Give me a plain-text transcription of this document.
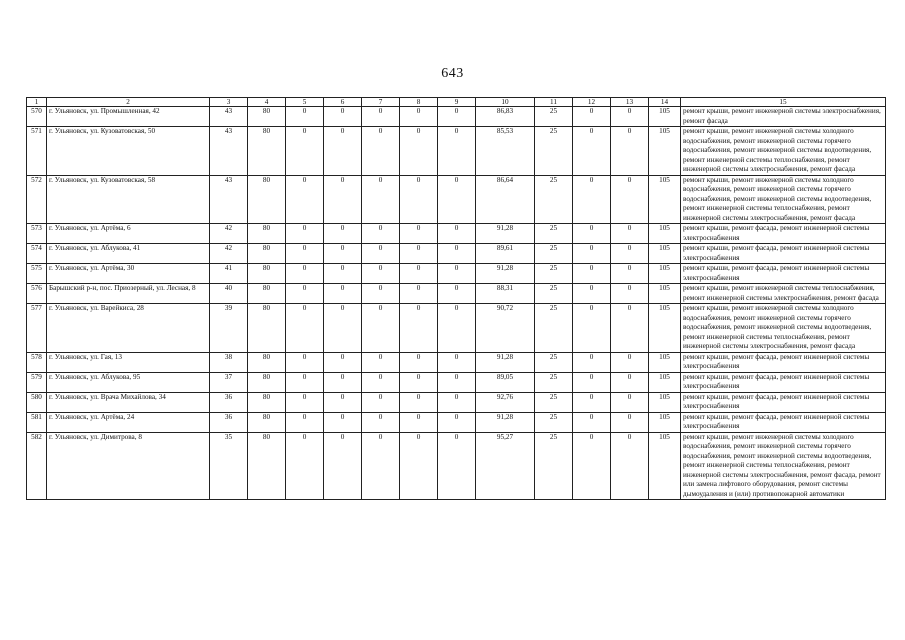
643
1	2	3	4	5	6	7	8	9	10	11	12	13	14	15
570	г. Ульяновск, ул. Промышленная, 42	43	80	0	0	0	0	0	86,83	25	0	0	105	ремонт крыши, ремонт инженерной системы электроснабжения, ремонт фасада
571	г. Ульяновск, ул. Кузоватовская, 50	43	80	0	0	0	0	0	85,53	25	0	0	105	ремонт крыши, ремонт инженерной системы холодного водоснабжения, ремонт инженерной системы горячего водоснабжения, ремонт инженерной системы водоотведения, ремонт инженерной системы теплоснабжения, ремонт инженерной системы электроснабжения, ремонт фасада
572	г. Ульяновск, ул. Кузоватовская, 58	43	80	0	0	0	0	0	86,64	25	0	0	105	ремонт крыши, ремонт инженерной системы холодного водоснабжения, ремонт инженерной системы горячего водоснабжения, ремонт инженерной системы водоотведения, ремонт инженерной системы теплоснабжения, ремонт инженерной системы электроснабжения, ремонт фасада
573	г. Ульяновск, ул. Артёма, 6	42	80	0	0	0	0	0	91,28	25	0	0	105	ремонт крыши, ремонт фасада, ремонт инженерной системы электроснабжения
574	г. Ульяновск, ул. Аблукова, 41	42	80	0	0	0	0	0	89,61	25	0	0	105	ремонт крыши, ремонт фасада, ремонт инженерной системы электроснабжения
575	г. Ульяновск, ул. Артёма, 30	41	80	0	0	0	0	0	91,28	25	0	0	105	ремонт крыши, ремонт фасада, ремонт инженерной системы электроснабжения
576	Барышский р-н, пос. Приозерный, ул. Лесная, 8	40	80	0	0	0	0	0	88,31	25	0	0	105	ремонт крыши, ремонт инженерной системы теплоснабжения, ремонт инженерной системы электроснабжения, ремонт фасада
577	г. Ульяновск, ул. Варейкиса, 28	39	80	0	0	0	0	0	90,72	25	0	0	105	ремонт крыши, ремонт инженерной системы холодного водоснабжения, ремонт инженерной системы горячего водоснабжения, ремонт инженерной системы водоотведения, ремонт инженерной системы теплоснабжения, ремонт инженерной системы электроснабжения, ремонт фасада
578	г. Ульяновск, ул. Гая, 13	38	80	0	0	0	0	0	91,28	25	0	0	105	ремонт крыши, ремонт фасада, ремонт инженерной системы электроснабжения
579	г. Ульяновск, ул. Аблукова, 95	37	80	0	0	0	0	0	89,05	25	0	0	105	ремонт крыши, ремонт фасада, ремонт инженерной системы электроснабжения
580	г. Ульяновск, ул. Врача Михайлова, 34	36	80	0	0	0	0	0	92,76	25	0	0	105	ремонт крыши, ремонт фасада, ремонт инженерной системы электроснабжения
581	г. Ульяновск, ул. Артёма, 24	36	80	0	0	0	0	0	91,28	25	0	0	105	ремонт крыши, ремонт фасада, ремонт инженерной системы электроснабжения
582	г. Ульяновск, ул. Димитрова, 8	35	80	0	0	0	0	0	95,27	25	0	0	105	ремонт крыши, ремонт инженерной системы холодного водоснабжения, ремонт инженерной системы горячего водоснабжения, ремонт инженерной системы водоотведения, ремонт инженерной системы теплоснабжения, ремонт инженерной системы электроснабжения, ремонт фасада, ремонт или замена лифтового оборудования, ремонт системы дымоудаления и (или) противопожарной автоматики
